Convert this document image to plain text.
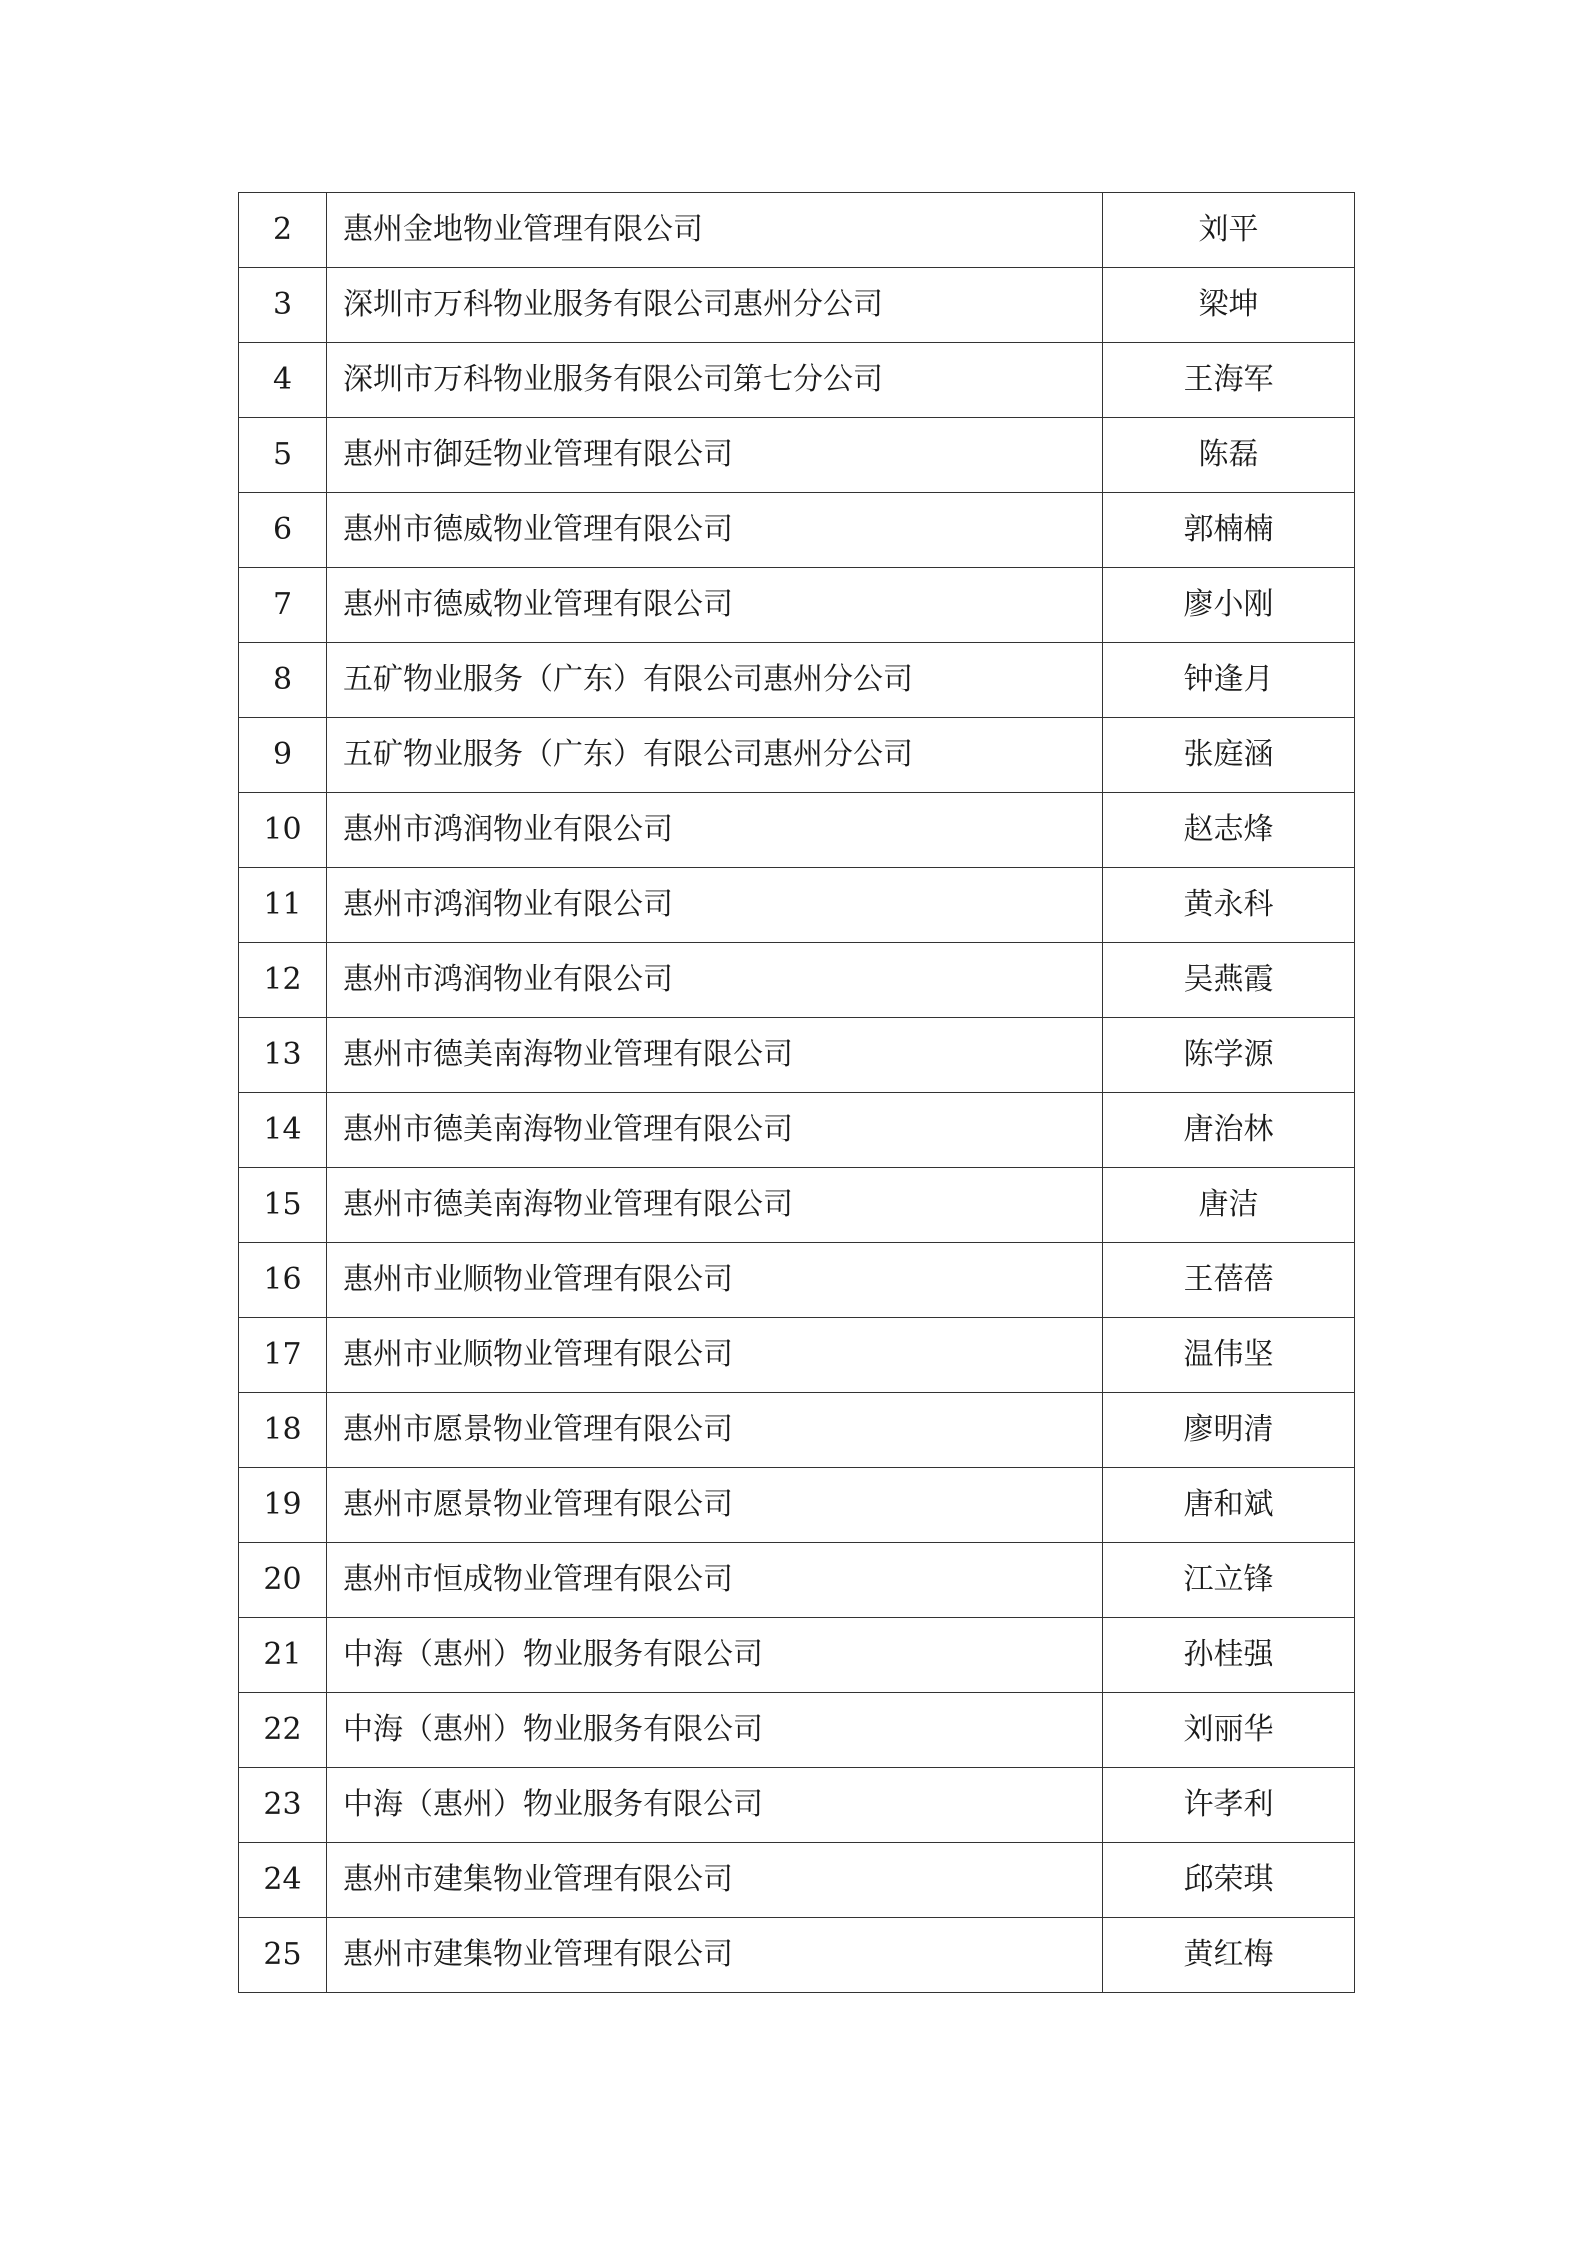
2	惠州金地物业管理有限公司	刘平
3	深圳市万科物业服务有限公司惠州分公司	梁坤
4	深圳市万科物业服务有限公司第七分公司	王海军
5	惠州市御廷物业管理有限公司	陈磊
6	惠州市德威物业管理有限公司	郭楠楠
7	惠州市德威物业管理有限公司	廖小刚
8	五矿物业服务（广东）有限公司惠州分公司	钟逢月
9	五矿物业服务（广东）有限公司惠州分公司	张庭涵
10	惠州市鸿润物业有限公司	赵志烽
11	惠州市鸿润物业有限公司	黄永科
12	惠州市鸿润物业有限公司	吴燕霞
13	惠州市德美南海物业管理有限公司	陈学源
14	惠州市德美南海物业管理有限公司	唐治林
15	惠州市德美南海物业管理有限公司	唐洁
16	惠州市业顺物业管理有限公司	王蓓蓓
17	惠州市业顺物业管理有限公司	温伟坚
18	惠州市愿景物业管理有限公司	廖明清
19	惠州市愿景物业管理有限公司	唐和斌
20	惠州市恒成物业管理有限公司	江立锋
21	中海（惠州）物业服务有限公司	孙桂强
22	中海（惠州）物业服务有限公司	刘丽华
23	中海（惠州）物业服务有限公司	许孝利
24	惠州市建集物业管理有限公司	邱荣琪
25	惠州市建集物业管理有限公司	黄红梅
